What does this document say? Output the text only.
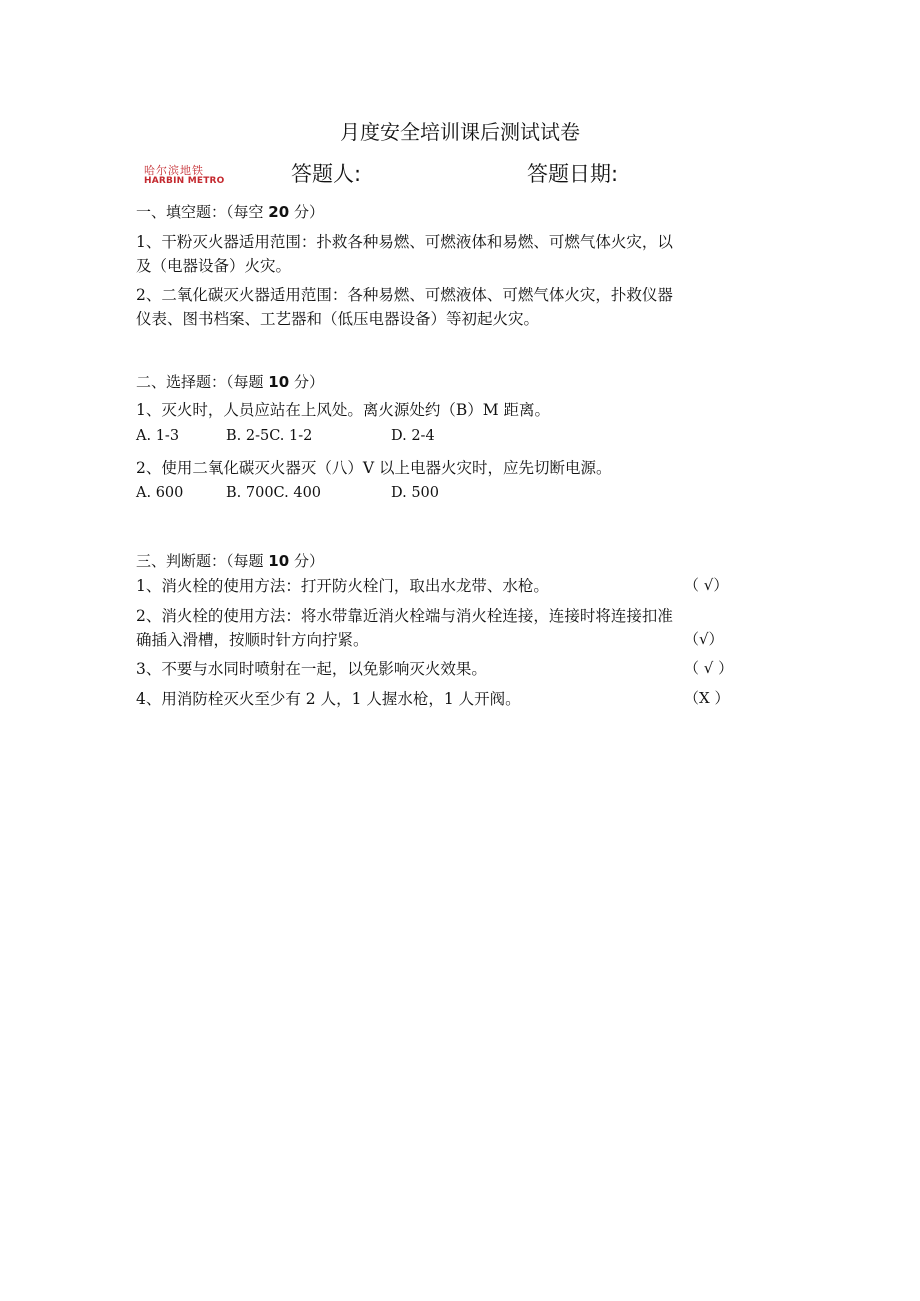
月度安全培训课后测试试卷
哈尔滨地铁
HARBIN METRO	答题人:	答题日期:
一、填空题：（每空 20 分）
1、干粉灭火器适用范围：扑救各种易燃、可燃液体和易燃、可燃气体火灾，以
及（电器设备）火灾。
2、二氧化碳灭火器适用范围：各种易燃、可燃液体、可燃气体火灾，扑救仪器
仪表、图书档案、工艺器和（低压电器设备）等初起火灾。
二、选择题：（每题 10 分）
1、灭火时，人员应站在上风处。离火源处约（B）M 距离。
A. 1-3	B. 2-5C. 1-2	D. 2-4
2、使用二氧化碳灭火器灭（八）V 以上电器火灾时，应先切断电源。
A. 600	B. 700C. 400	D. 500
三、判断题：（每题 10 分）
1、消火栓的使用方法：打开防火栓门，取出水龙带、水枪。	（ √）
2、消火栓的使用方法：将水带靠近消火栓端与消火栓连接，连接时将连接扣准
确插入滑槽，按顺时针方向拧紧。	（√）
3、不要与水同时喷射在一起，以免影响灭火效果。	（ √ ）
4、用消防栓灭火至少有 2 人，1 人握水枪，1 人开阀。	（X ）
